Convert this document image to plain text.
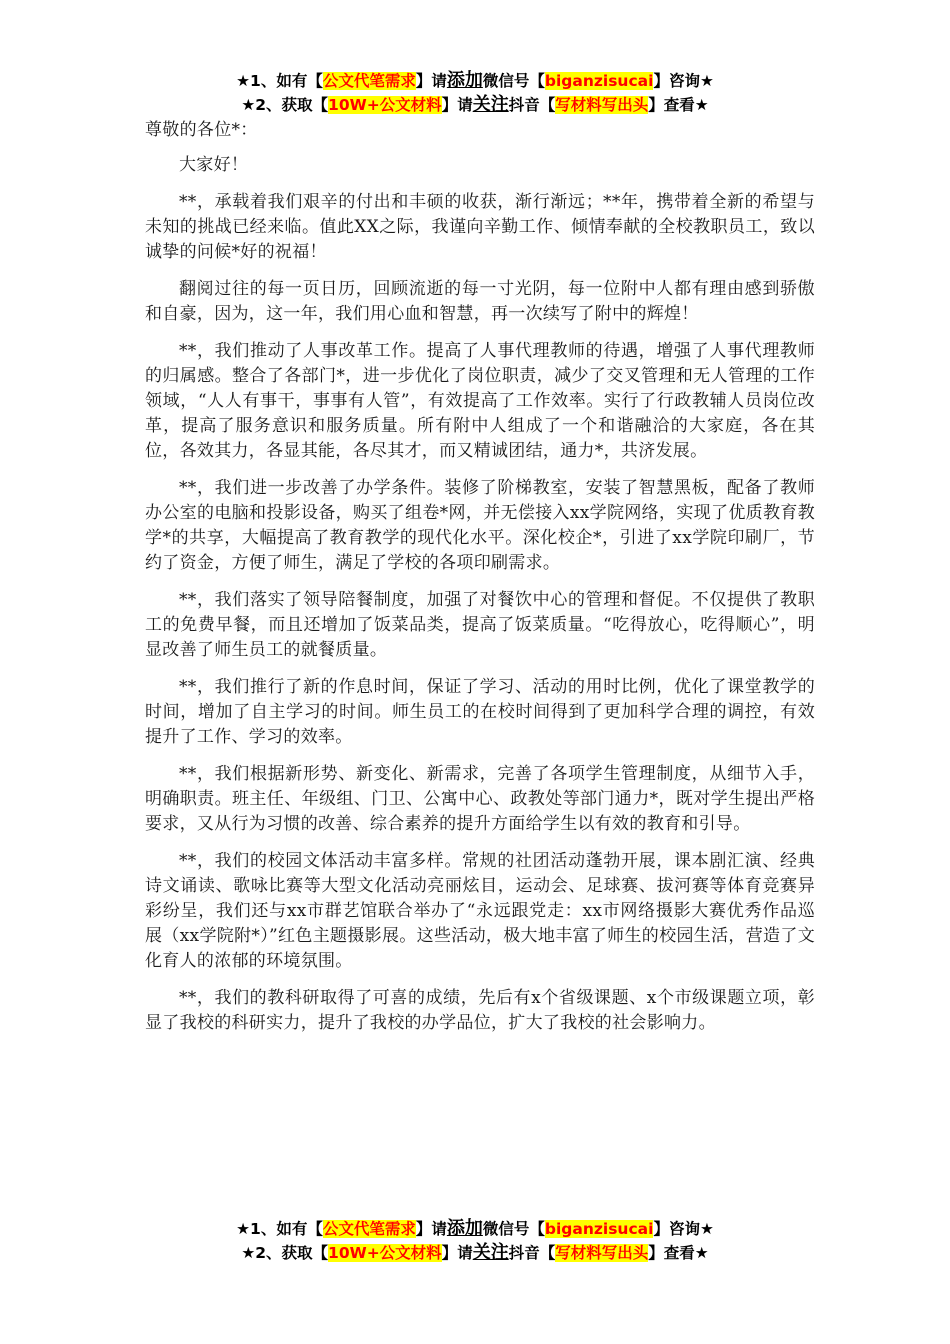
★1、如有【公文代笔需求】请添加微信号【biganzisucai】咨询★
★2、获取【10W+公文材料】请关注抖音【写材料写出头】查看★

尊敬的各位*：

大家好！

**，承载着我们艰辛的付出和丰硕的收获，渐行渐远；**年，携带着全新的希望与未知的挑战已经来临。值此XX之际，我谨向辛勤工作、倾情奉献的全校教职员工，致以诚挚的问候*好的祝福！

翻阅过往的每一页日历，回顾流逝的每一寸光阴，每一位附中人都有理由感到骄傲和自豪，因为，这一年，我们用心血和智慧，再一次续写了附中的辉煌！

**，我们推动了人事改革工作。提高了人事代理教师的待遇，增强了人事代理教师的归属感。整合了各部门*，进一步优化了岗位职责，减少了交叉管理和无人管理的工作领域，“人人有事干，事事有人管”，有效提高了工作效率。实行了行政教辅人员岗位改革，提高了服务意识和服务质量。所有附中人组成了一个和谐融洽的大家庭，各在其位，各效其力，各显其能，各尽其才，而又精诚团结，通力*，共济发展。

**，我们进一步改善了办学条件。装修了阶梯教室，安装了智慧黑板，配备了教师办公室的电脑和投影设备，购买了组卷*网，并无偿接入xx学院网络，实现了优质教育教学*的共享，大幅提高了教育教学的现代化水平。深化校企*，引进了xx学院印刷厂，节约了资金，方便了师生，满足了学校的各项印刷需求。

**，我们落实了领导陪餐制度，加强了对餐饮中心的管理和督促。不仅提供了教职工的免费早餐，而且还增加了饭菜品类，提高了饭菜质量。“吃得放心，吃得顺心”，明显改善了师生员工的就餐质量。

**，我们推行了新的作息时间，保证了学习、活动的用时比例，优化了课堂教学的时间，增加了自主学习的时间。师生员工的在校时间得到了更加科学合理的调控，有效提升了工作、学习的效率。

**，我们根据新形势、新变化、新需求，完善了各项学生管理制度，从细节入手，明确职责。班主任、年级组、门卫、公寓中心、政教处等部门通力*，既对学生提出严格要求，又从行为习惯的改善、综合素养的提升方面给学生以有效的教育和引导。

**，我们的校园文体活动丰富多样。常规的社团活动蓬勃开展，课本剧汇演、经典诗文诵读、歌咏比赛等大型文化活动亮丽炫目，运动会、足球赛、拔河赛等体育竞赛异彩纷呈，我们还与xx市群艺馆联合举办了“永远跟党走：xx市网络摄影大赛优秀作品巡展（xx学院附*）”红色主题摄影展。这些活动，极大地丰富了师生的校园生活，营造了文化育人的浓郁的环境氛围。

**，我们的教科研取得了可喜的成绩，先后有x个省级课题、x个市级课题立项，彰显了我校的科研实力，提升了我校的办学品位，扩大了我校的社会影响力。

★1、如有【公文代笔需求】请添加微信号【biganzisucai】咨询★
★2、获取【10W+公文材料】请关注抖音【写材料写出头】查看★
